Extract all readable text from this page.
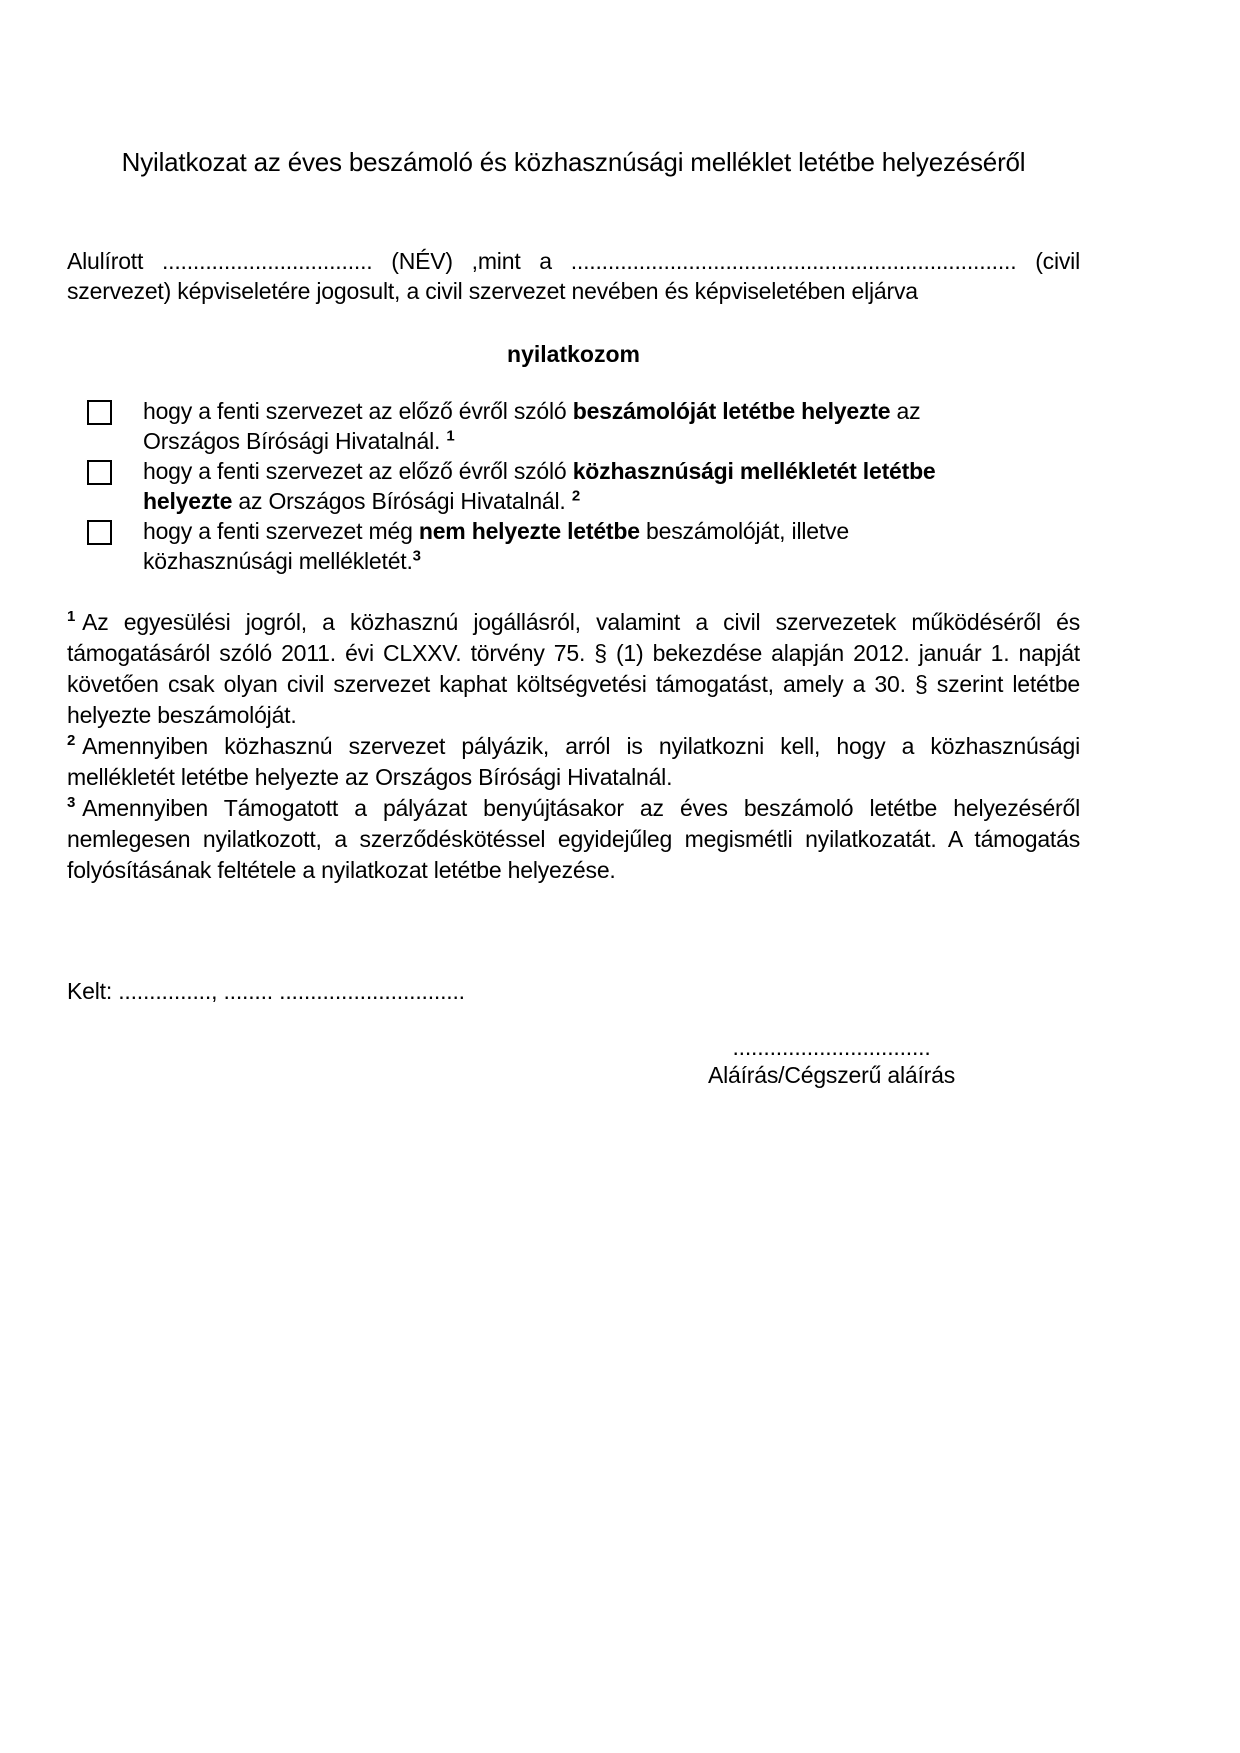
Nyilatkozat az éves beszámoló és közhasznúsági melléklet letétbe helyezéséről

Alulírott .................................. (NÉV) ,mint a ........................................................................ (civil szervezet) képviseletére jogosult, a civil szervezet nevében és képviseletében eljárva

nyilatkozom

hogy a fenti szervezet az előző évről szóló beszámolóját letétbe helyezte az
Országos Bírósági Hivatalnál. $^1$
hogy a fenti szervezet az előző évről szóló közhasznúsági mellékletét letétbe
helyezte az Országos Bírósági Hivatalnál. $^2$
hogy a fenti szervezet még nem helyezte letétbe beszámolóját, illetve
közhasznúsági mellékletét.$^3$

$^1$ Az egyesülési jogról, a közhasznú jogállásról, valamint a civil szervezetek működéséről és támogatásáról szóló 2011. évi CLXXV. törvény 75. § (1) bekezdése alapján 2012. január 1. napját követően csak olyan civil szervezet kaphat költségvetési támogatást, amely a 30. § szerint letétbe helyezte beszámolóját.

$^2$ Amennyiben közhasznú szervezet pályázik, arról is nyilatkozni kell, hogy a közhasznúsági mellékletét letétbe helyezte az Országos Bírósági Hivatalnál.

$^3$ Amennyiben Támogatott a pályázat benyújtásakor az éves beszámoló letétbe helyezéséről nemlegesen nyilatkozott, a szerződéskötéssel egyidejűleg megismétli nyilatkozatát. A támogatás folyósításának feltétele a nyilatkozat letétbe helyezése.

Kelt: ..............., ........ ..............................

................................
Aláírás/Cégszerű aláírás
